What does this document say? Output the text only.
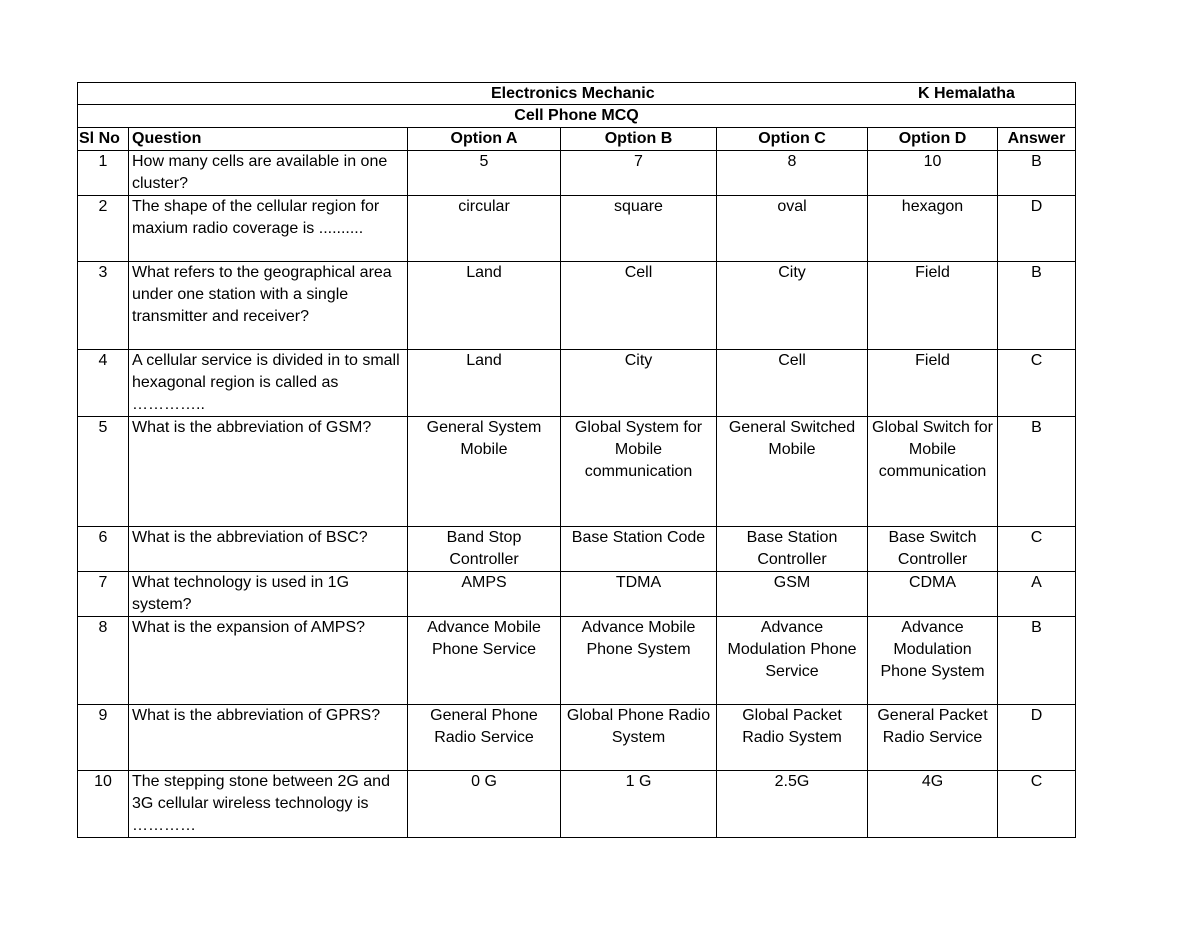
Electronics Mechanic K Hemalatha						

Cell Phone MCQ						
Sl No	Question	Option A	Option B	Option C	Option D	Answer
1	How many cells are available in one cluster?	5	7	8	10	B
2	The shape of the cellular region for maxium radio coverage is ..........	circular	square	oval	hexagon	D
3	What refers to the geographical area under one station with a single transmitter and receiver?	Land	Cell	City	Field	B
4	A cellular service is divided in to small hexagonal region is called as …………..	Land	City	Cell	Field	C
5	What is the abbreviation of GSM?	General System Mobile	Global System for Mobile communication	General Switched Mobile	Global Switch for Mobile communication	B
6	What is the abbreviation of BSC?	Band Stop Controller	Base Station Code	Base Station Controller	Base Switch Controller	C
7	What technology is used in 1G system?	AMPS	TDMA	GSM	CDMA	A
8	What is the expansion of AMPS?	Advance Mobile Phone Service	Advance Mobile Phone System	Advance Modulation Phone Service	Advance Modulation Phone System	B
9	What is the abbreviation of GPRS?	General Phone Radio Service	Global Phone Radio System	Global Packet Radio System	General Packet Radio Service	D
10	The stepping stone between 2G and 3G cellular wireless technology is …………	0 G	1 G	2.5G	4G	C
